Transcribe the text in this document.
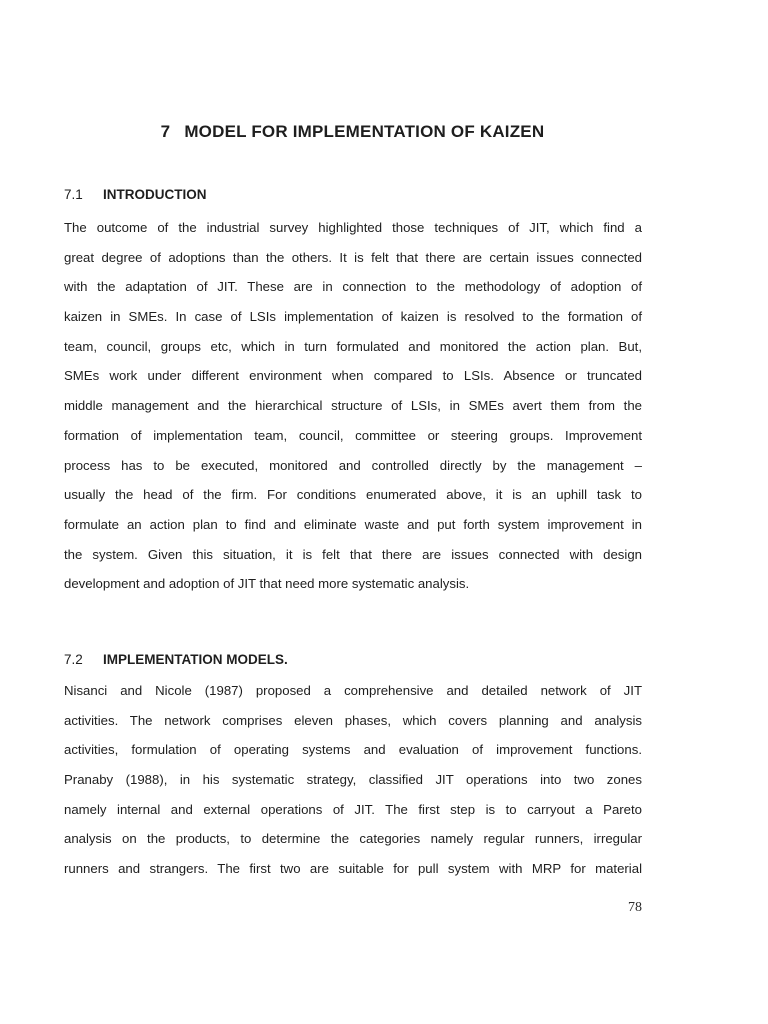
7 MODEL FOR IMPLEMENTATION OF KAIZEN
7.1 INTRODUCTION
The outcome of the industrial survey highlighted those techniques of JIT, which find a
great degree of adoptions than the others. It is felt that there are certain issues connected
with the adaptation of JIT. These are in connection to the methodology of adoption of
kaizen in SMEs. In case of LSIs implementation of kaizen is resolved to the formation of
team, council, groups etc, which in turn formulated and monitored the action plan. But,
SMEs work under different environment when compared to LSIs. Absence or truncated
middle management and the hierarchical structure of LSIs, in SMEs avert them from the
formation of implementation team, council, committee or steering groups. Improvement
process has to be executed, monitored and controlled directly by the management –
usually the head of the firm. For conditions enumerated above, it is an uphill task to
formulate an action plan to find and eliminate waste and put forth system improvement in
the system. Given this situation, it is felt that there are issues connected with design
development and adoption of JIT that need more systematic analysis.
7.2 IMPLEMENTATION MODELS.
Nisanci and Nicole (1987) proposed a comprehensive and detailed network of JIT
activities. The network comprises eleven phases, which covers planning and analysis
activities, formulation of operating systems and evaluation of improvement functions.
Pranaby (1988), in his systematic strategy, classified JIT operations into two zones
namely internal and external operations of JIT. The first step is to carryout a Pareto
analysis on the products, to determine the categories namely regular runners, irregular
runners and strangers. The first two are suitable for pull system with MRP for material

78
